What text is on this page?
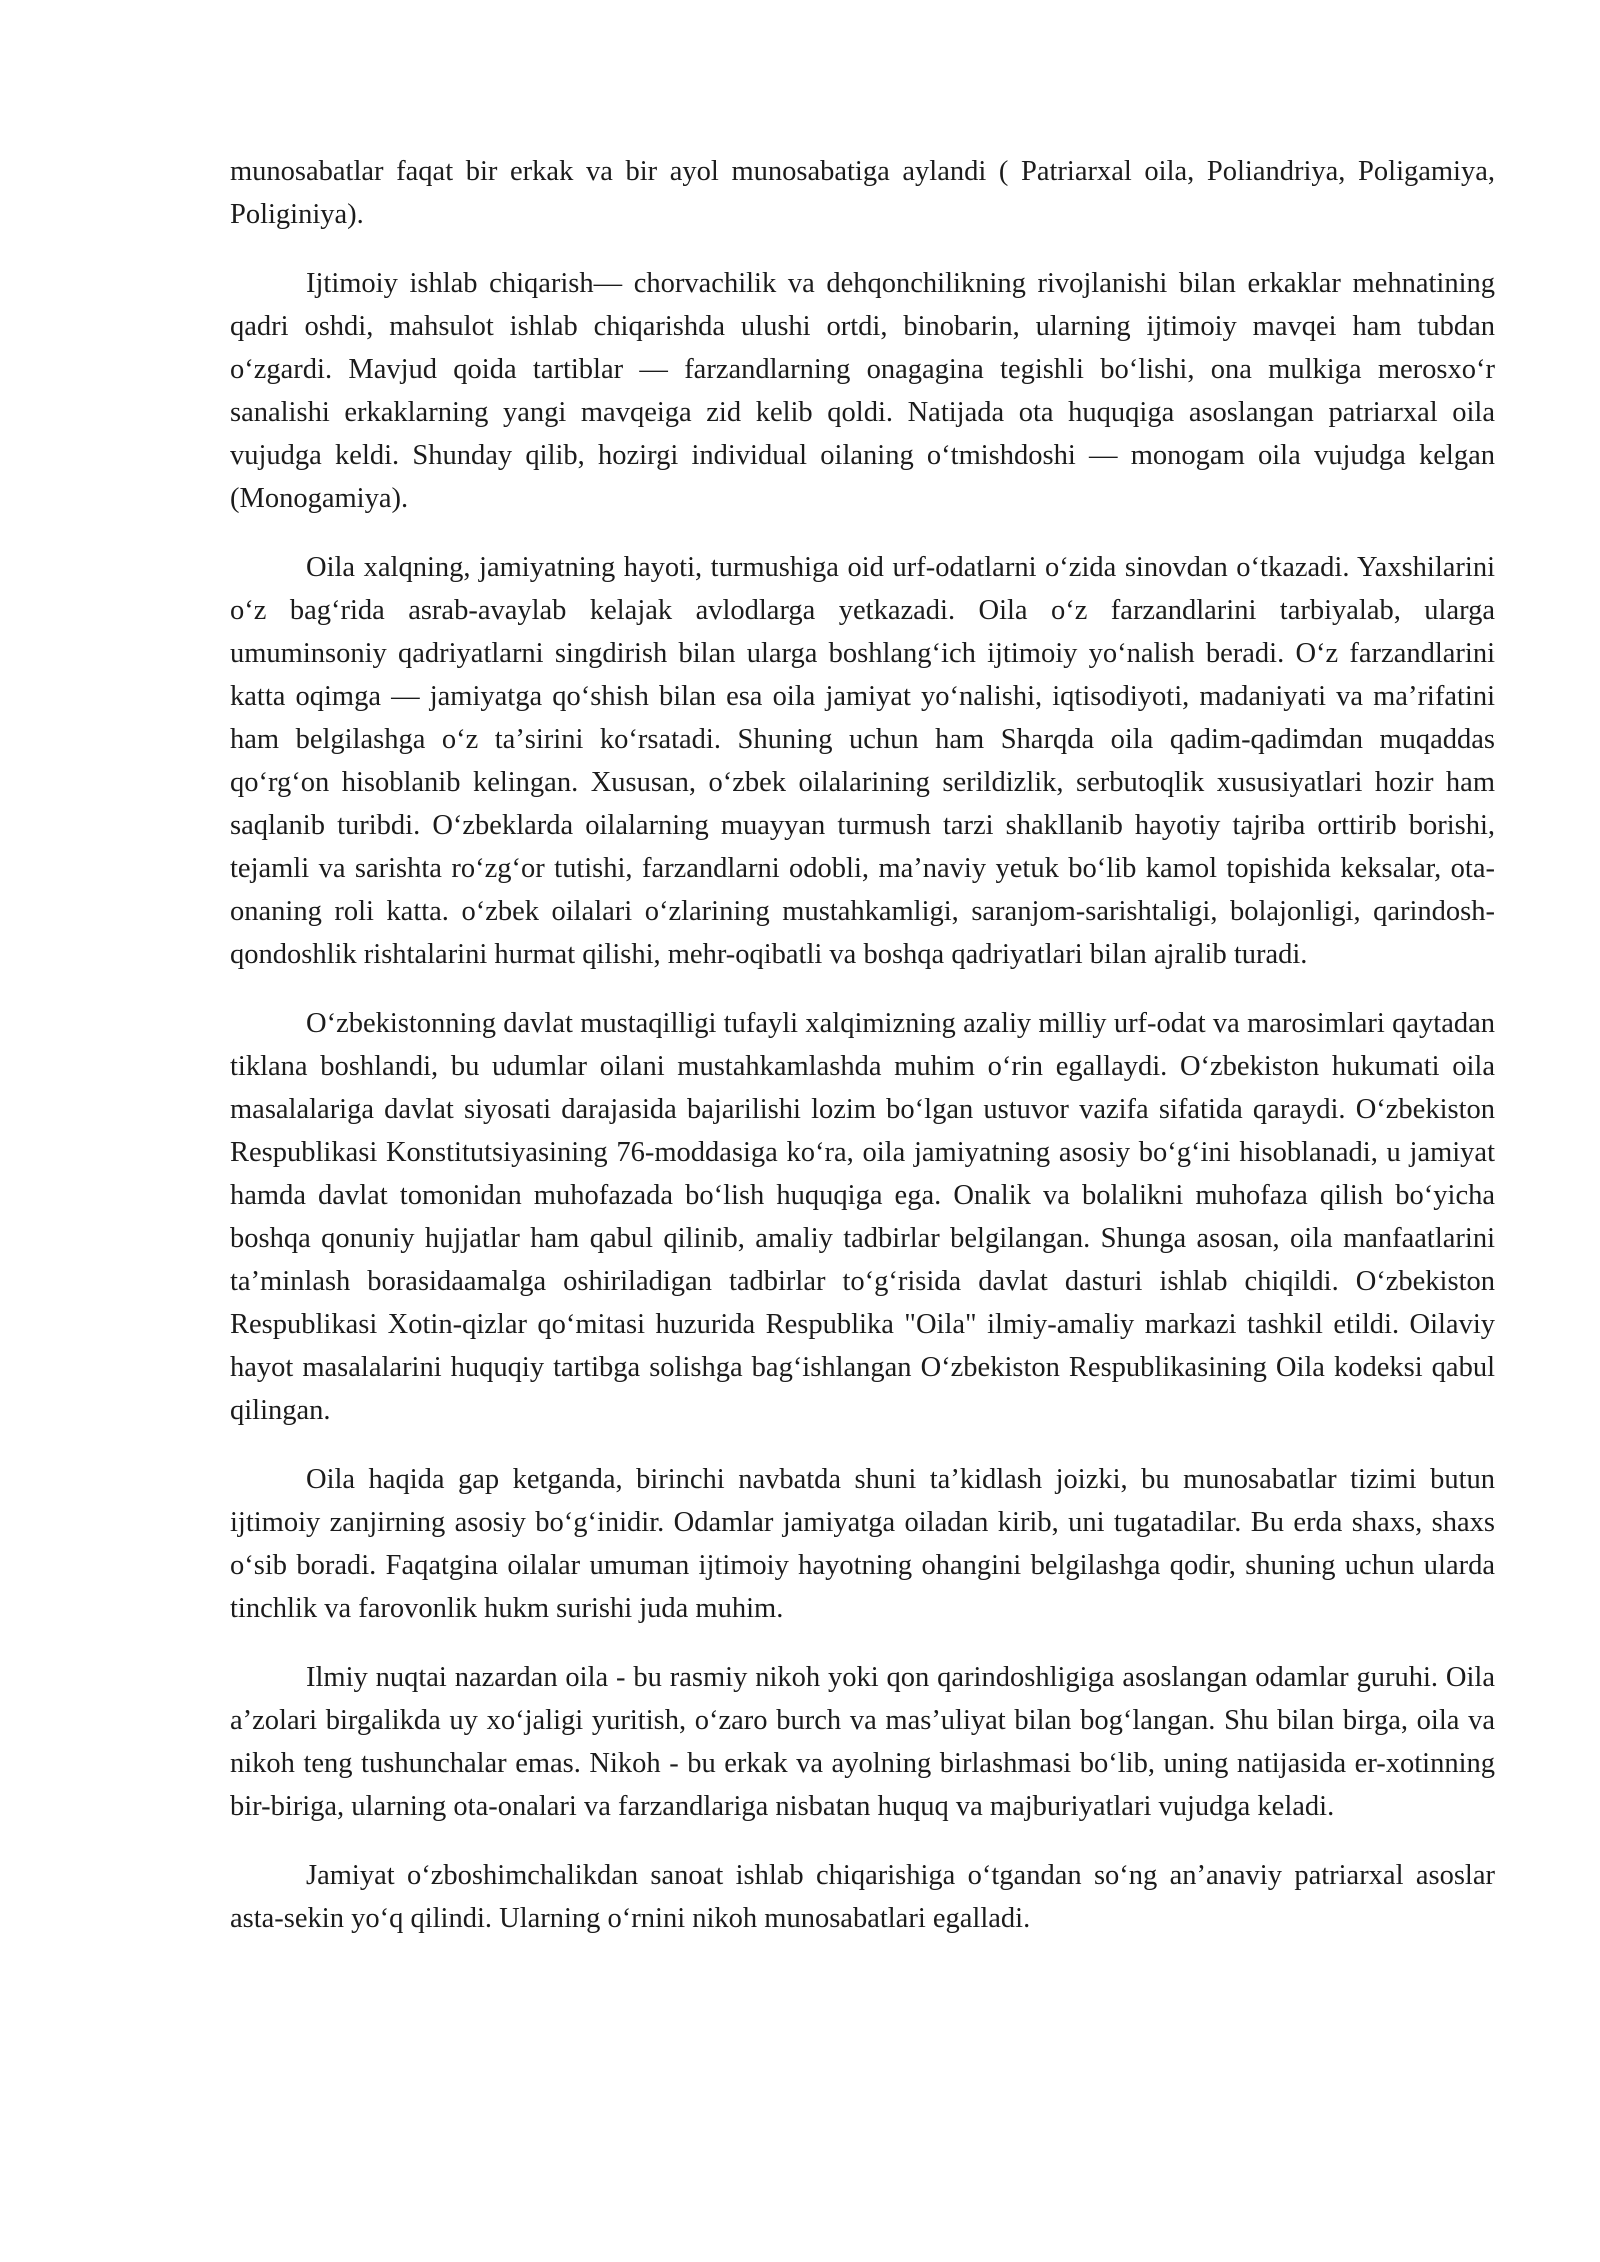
munosabatlar faqat bir erkak va bir ayol munosabatiga aylandi ( Patriarxal oila, Poliandriya, Poligamiya, Poliginiya).

Ijtimoiy ishlab chiqarish— chorvachilik va dehqonchilikning rivojlanishi bilan erkaklar mehnatining qadri oshdi, mahsulot ishlab chiqarishda ulushi ortdi, binobarin, ularning ijtimoiy mavqei ham tubdan oʻzgardi. Mavjud qoida tartiblar — farzandlarning onagagina tegishli boʻlishi, ona mulkiga merosxoʻr sanalishi erkaklarning yangi mavqeiga zid kelib qoldi. Natijada ota huquqiga asoslangan patriarxal oila vujudga keldi. Shunday qilib, hozirgi individual oilaning oʻtmishdoshi — monogam oila vujudga kelgan (Monogamiya).

Oila xalqning, jamiyatning hayoti, turmushiga oid urf-odatlarni oʻzida sinovdan oʻtkazadi. Yaxshilarini oʻz bagʻrida asrab-avaylab kelajak avlodlarga yetkazadi. Oila oʻz farzandlarini tarbiyalab, ularga umuminsoniy qadriyatlarni singdirish bilan ularga boshlangʻich ijtimoiy yoʻnalish beradi. Oʻz farzandlarini katta oqimga — jamiyatga qoʻshish bilan esa oila jamiyat yoʻnalishi, iqtisodiyoti, madaniyati va maʼrifatini ham belgilashga oʻz taʼsirini koʻrsatadi. Shuning uchun ham Sharqda oila qadim-qadimdan muqaddas qoʻrgʻon hisoblanib kelingan. Xususan, oʻzbek oilalarining serildizlik, serbutoqlik xususiyatlari hozir ham saqlanib turibdi. Oʻzbeklarda oilalarning muayyan turmush tarzi shakllanib hayotiy tajriba orttirib borishi, tejamli va sarishta roʻzgʻor tutishi, farzandlarni odobli, maʼnaviy yetuk boʻlib kamol topishida keksalar, ota-onaning roli katta. oʻzbek oilalari oʻzlarining mustahkamligi, saranjom-sarishtaligi, bolajonligi, qarindosh-qondoshlik rishtalarini hurmat qilishi, mehr-oqibatli va boshqa qadriyatlari bilan ajralib turadi.

Oʻzbekistonning davlat mustaqilligi tufayli xalqimizning azaliy milliy urf-odat va marosimlari qaytadan tiklana boshlandi, bu udumlar oilani mustahkamlashda muhim oʻrin egallaydi. Oʻzbekiston hukumati oila masalalariga davlat siyosati darajasida bajarilishi lozim boʻlgan ustuvor vazifa sifatida qaraydi. Oʻzbekiston Respublikasi Konstitutsiyasining 76-moddasiga koʻra, oila jamiyatning asosiy boʻgʻini hisoblanadi, u jamiyat hamda davlat tomonidan muhofazada boʻlish huquqiga ega. Onalik va bolalikni muhofaza qilish boʻyicha boshqa qonuniy hujjatlar ham qabul qilinib, amaliy tadbirlar belgilangan. Shunga asosan, oila manfaatlarini taʼminlash borasidaamalga oshiriladigan tadbirlar toʻgʻrisida davlat dasturi ishlab chiqildi. Oʻzbekiston Respublikasi Xotin-qizlar qoʻmitasi huzurida Respublika "Oila" ilmiy-amaliy markazi tashkil etildi. Oilaviy hayot masalalarini huquqiy tartibga solishga bagʻishlangan Oʻzbekiston Respublikasining Oila kodeksi qabul qilingan.

Oila haqida gap ketganda, birinchi navbatda shuni taʼkidlash joizki, bu munosabatlar tizimi butun ijtimoiy zanjirning asosiy boʻgʻinidir. Odamlar jamiyatga oiladan kirib, uni tugatadilar. Bu erda shaxs, shaxs oʻsib boradi. Faqatgina oilalar umuman ijtimoiy hayotning ohangini belgilashga qodir, shuning uchun ularda tinchlik va farovonlik hukm surishi juda muhim.

Ilmiy nuqtai nazardan oila - bu rasmiy nikoh yoki qon qarindoshligiga asoslangan odamlar guruhi. Oila aʼzolari birgalikda uy xoʻjaligi yuritish, oʻzaro burch va masʼuliyat bilan bogʻlangan. Shu bilan birga, oila va nikoh teng tushunchalar emas. Nikoh - bu erkak va ayolning birlashmasi boʻlib, uning natijasida er-xotinning bir-biriga, ularning ota-onalari va farzandlariga nisbatan huquq va majburiyatlari vujudga keladi.

Jamiyat oʻzboshimchalikdan sanoat ishlab chiqarishiga oʻtgandan soʻng anʼanaviy patriarxal asoslar asta-sekin yoʻq qilindi. Ularning oʻrnini nikoh munosabatlari egalladi.
